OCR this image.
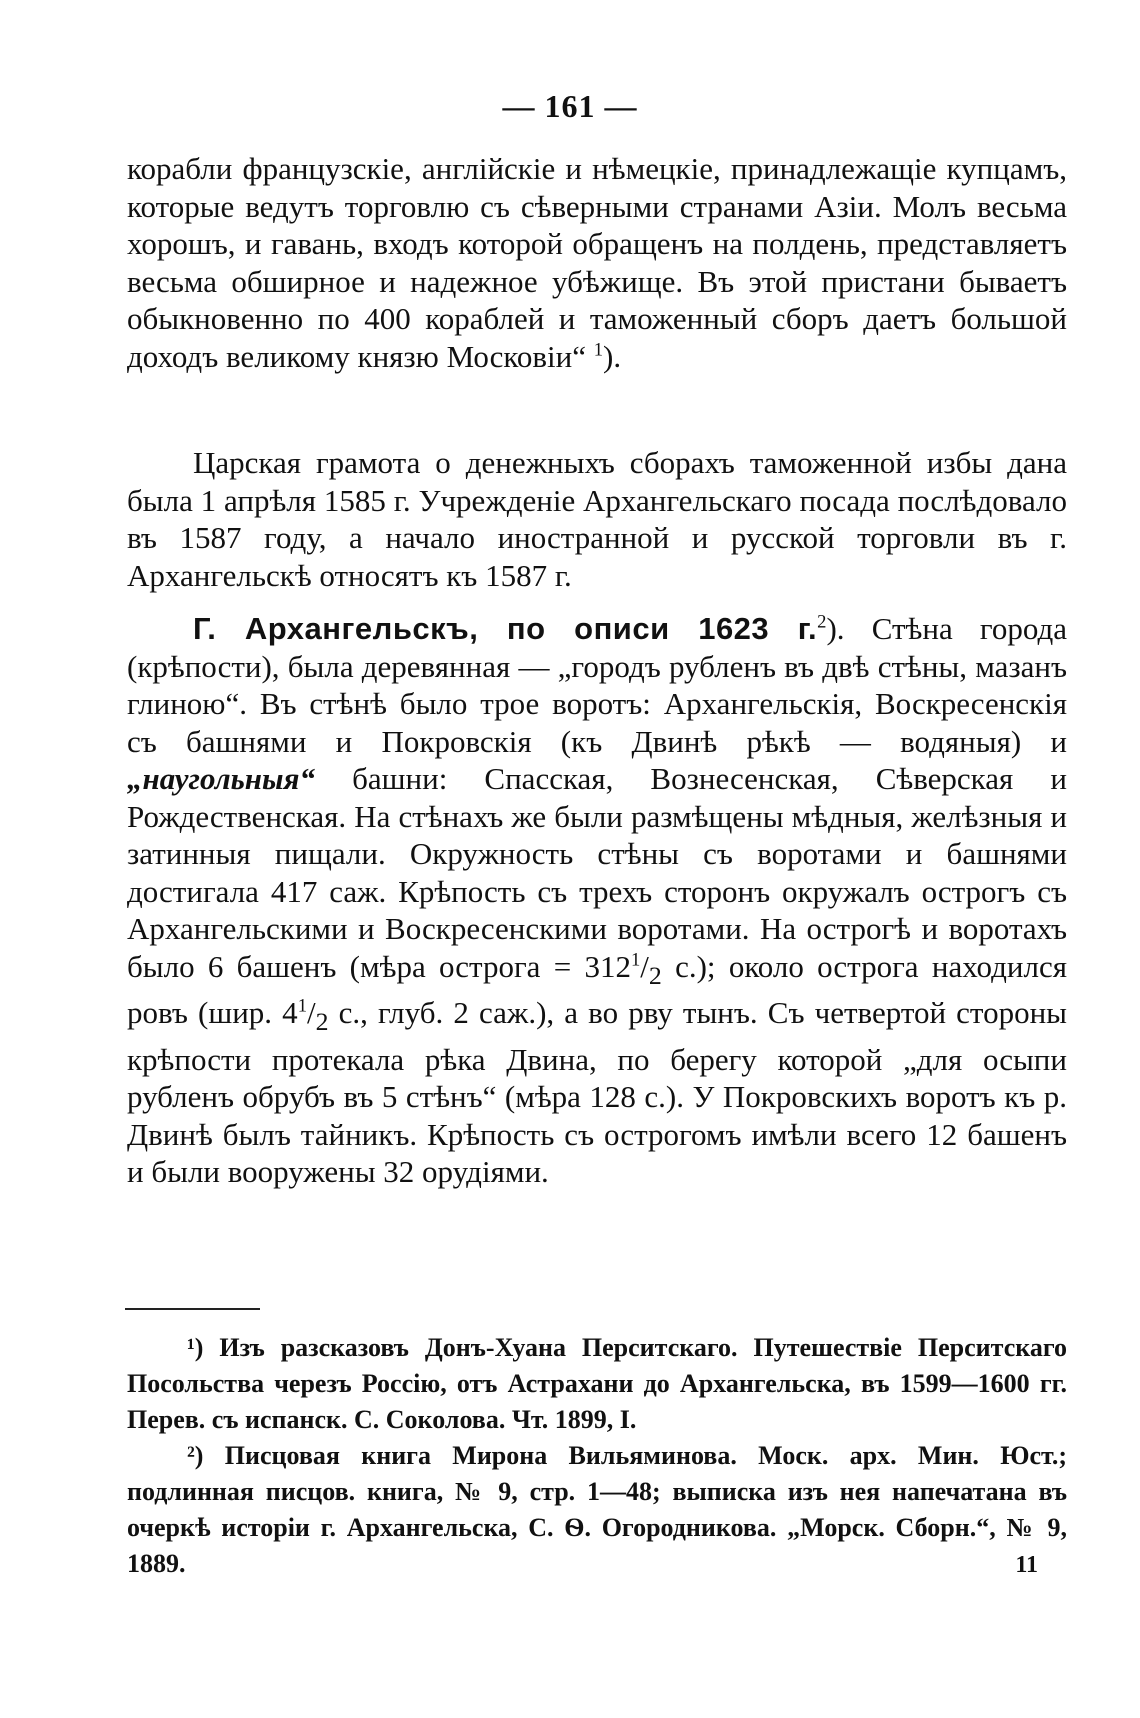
— 161 —

корабли французскiе, англiйскiе и нѣмецкiе, принадлежащiе купцамъ, которые ведутъ торговлю съ сѣверными странами Азiи. Молъ весьма хорошъ, и гавань, входъ которой обращенъ на полдень, представляетъ весьма обширное и надежное убѣжище. Въ этой пристани бываетъ обыкновенно по 400 кораблей и таможенный сборъ даетъ большой доходъ великому князю Московiи“ $^1$).

Царская грамота о денежныхъ сборахъ таможенной избы дана была 1 апрѣля 1585 г. Учрежденiе Архангельскаго посада послѣдовало въ 1587 году, а начало иностранной и русской торговли въ г. Архангельскѣ относятъ къ 1587 г.

Г. Архангельскъ, по описи 1623 г.$^2$). Стѣна города (крѣпости), была деревянная — „городъ рубленъ въ двѣ стѣны, мазанъ глиною“. Въ стѣнѣ было трое воротъ: Архангельскiя, Воскресенскiя съ башнями и Покровскiя (къ Двинѣ рѣкѣ — водяныя) и „наугольныя“ башни: Спасская, Вознесенская, Сѣверская и Рождественская. На стѣнахъ же были размѣщены мѣдныя, желѣзныя и затинныя пищали. Окружность стѣны съ воротами и башнями достигала 417 саж. Крѣпость съ трехъ сторонъ окружалъ острогъ съ Архангельскими и Воскресенскими воротами. На острогѣ и воротахъ было 6 башенъ (мѣра острога = $312^1/_2$ с.); около острога находился ровъ (шир. $4^1/_2$ с., глуб. 2 саж.), а во рву тынъ. Съ четвертой стороны крѣпости протекала рѣка Двина, по берегу которой „для осыпи рубленъ обрубъ въ 5 стѣнъ“ (мѣра 128 с.). У Покровскихъ воротъ къ р. Двинѣ былъ тайникъ. Крѣпость съ острогомъ имѣли всего 12 башенъ и были вооружены 32 орудiями.

¹) Изъ разсказовъ Донъ-Хуана Перситскаго. Путешествiе Перситскаго Посольства черезъ Россiю, отъ Астрахани до Архангельска, въ 1599—1600 гг. Перев. съ испанск. С. Соколова. Чт. 1899, I.

²) Писцовая книга Мирона Вильяминова. Моск. арх. Мин. Юст.; подлинная писцов. книга, № 9, стр. 1—48; выписка изъ нея напечатана въ очеркѣ исторiи г. Архангельска, С. Ѳ. Огородникова. „Морск. Сборн.“, № 9, 1889.	11
